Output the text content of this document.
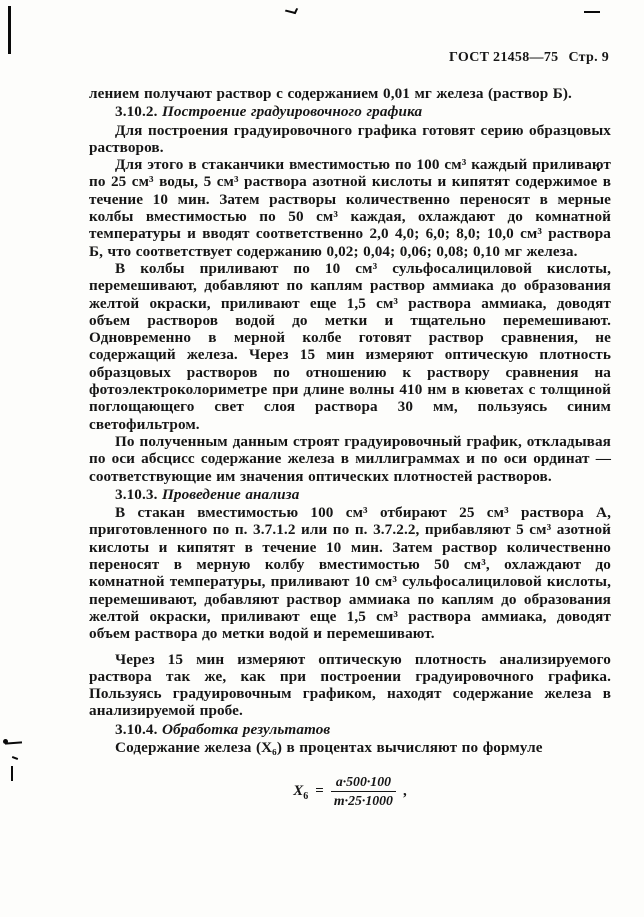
ГОСТ 21458—75 Стр. 9

лением получают раствор с содержанием 0,01 мг железа (раствор Б).

3.10.2. Построение градуировочного графика

Для построения градуировочного графика готовят серию образцовых растворов.

Для этого в стаканчики вместимостью по 100 см³ каждый приливают по 25 см³ воды, 5 см³ раствора азотной кислоты и кипятят содержимое в течение 10 мин. Затем растворы количественно переносят в мерные колбы вместимостью по 50 см³ каждая, охлаждают до комнатной температуры и вводят соответственно 2,0 4,0; 6,0; 8,0; 10,0 см³ раствора Б, что соответствует содержанию 0,02; 0,04; 0,06; 0,08; 0,10 мг железа.

В колбы приливают по 10 см³ сульфосалициловой кислоты, перемешивают, добавляют по каплям раствор аммиака до образования желтой окраски, приливают еще 1,5 см³ раствора аммиака, доводят объем растворов водой до метки и тщательно перемешивают. Одновременно в мерной колбе готовят раствор сравнения, не содержащий железа. Через 15 мин измеряют оптическую плотность образцовых растворов по отношению к раствору сравнения на фотоэлектроколориметре при длине волны 410 нм в кюветах с толщиной поглощающего свет слоя раствора 30 мм, пользуясь синим светофильтром.

По полученным данным строят градуировочный график, откладывая по оси абсцисс содержание железа в миллиграммах и по оси ординат — соответствующие им значения оптических плотностей растворов.

3.10.3. Проведение анализа

В стакан вместимостью 100 см³ отбирают 25 см³ раствора А, приготовленного по п. 3.7.1.2 или по п. 3.7.2.2, прибавляют 5 см³ азотной кислоты и кипятят в течение 10 мин. Затем раствор количественно переносят в мерную колбу вместимостью 50 см³, охлаждают до комнатной температуры, приливают 10 см³ сульфосалициловой кислоты, перемешивают, добавляют раствор аммиака по каплям до образования желтой окраски, приливают еще 1,5 см³ раствора аммиака, доводят объем раствора до метки водой и перемешивают.

Через 15 мин измеряют оптическую плотность анализируемого раствора так же, как при построении градуировочного графика. Пользуясь градуировочным графиком, находят содержание железа в анализируемой пробе.

3.10.4. Обработка результатов

Содержание железа (X₆) в процентах вычисляют по формуле

$X_6 = \frac{a\cdot 500\cdot 100}{m\cdot 25\cdot 1000}$ ,
